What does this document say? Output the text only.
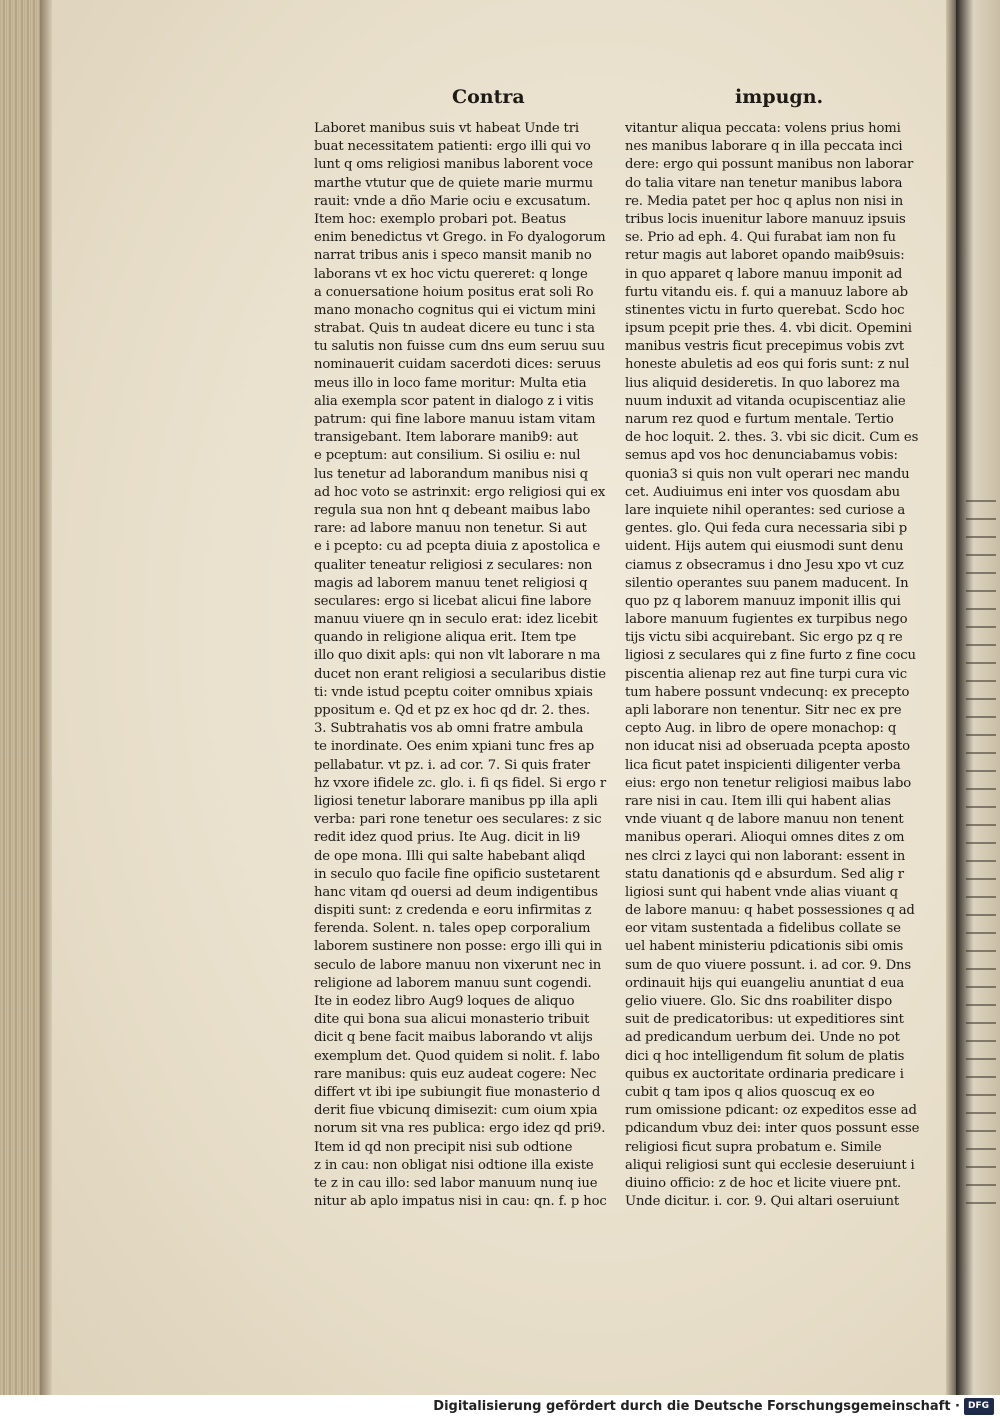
Contra	impugn.
Laboret manibus suis vt habeat Unde tri
buat necessitatem patienti: ergo illi qui vo
lunt q oms religiosi manibus laborent voce
marthe vtutur que de quiete marie murmu
rauit: vnde a dño Marie ociu e excusatum.
Item hoc: exemplo probari pot. Beatus
enim benedictus vt Grego. in Fo dyalogorum
narrat tribus anis i speco mansit manib no
laborans vt ex hoc victu quereret: q longe
a conuersatione hoium positus erat soli Ro
mano monacho cognitus qui ei victum mini
strabat. Quis tn audeat dicere eu tunc i sta
tu salutis non fuisse cum dns eum seruu suu
nominauerit cuidam sacerdoti dices: seruus
meus illo in loco fame moritur: Multa etia
alia exempla scor patent in dialogo z i vitis
patrum: qui fine labore manuu istam vitam
transigebant. Item laborare manib9: aut
e pceptum: aut consilium. Si osiliu e: nul
lus tenetur ad laborandum manibus nisi q
ad hoc voto se astrinxit: ergo religiosi qui ex
regula sua non hnt q debeant maibus labo
rare: ad labore manuu non tenetur. Si aut
e i pcepto: cu ad pcepta diuia z apostolica e
qualiter teneatur religiosi z seculares: non
magis ad laborem manuu tenet religiosi q
seculares: ergo si licebat alicui fine labore
manuu viuere qn in seculo erat: idez licebit
quando in religione aliqua erit. Item tpe
illo quo dixit apls: qui non vlt laborare n ma
ducet non erant religiosi a secularibus distie
ti: vnde istud pceptu coiter omnibus xpiais
ppositum e. Qd et pz ex hoc qd dr. 2. thes.
3. Subtrahatis vos ab omni fratre ambula
te inordinate. Oes enim xpiani tunc fres ap
pellabatur. vt pz. i. ad cor. 7. Si quis frater
hz vxore ifidele zc. glo. i. fi qs fidel. Si ergo r
ligiosi tenetur laborare manibus pp illa apli
verba: pari rone tenetur oes seculares: z sic
redit idez quod prius. Ite Aug. dicit in li9
de ope mona. Illi qui salte habebant aliqd
in seculo quo facile fine opificio sustetarent
hanc vitam qd ouersi ad deum indigentibus
dispiti sunt: z credenda e eoru infirmitas z
ferenda. Solent. n. tales opep corporalium
laborem sustinere non posse: ergo illi qui in
seculo de labore manuu non vixerunt nec in
religione ad laborem manuu sunt cogendi.
Ite in eodez libro Aug9 loques de aliquo
dite qui bona sua alicui monasterio tribuit
dicit q bene facit maibus laborando vt alijs
exemplum det. Quod quidem si nolit. f. labo
rare manibus: quis euz audeat cogere: Nec
differt vt ibi ipe subiungit fiue monasterio d
derit fiue vbicunq dimisezit: cum oium xpia
norum sit vna res publica: ergo idez qd pri9.
Item id qd non precipit nisi sub odtione
z in cau: non obligat nisi odtione illa existe
te z in cau illo: sed labor manuum nunq iue
nitur ab aplo impatus nisi in cau: qn. f. p hoc
vitantur aliqua peccata: volens prius homi
nes manibus laborare q in illa peccata inci
dere: ergo qui possunt manibus non laborar
do talia vitare nan tenetur manibus labora
re. Media patet per hoc q aplus non nisi in
tribus locis inuenitur labore manuuz ipsuis
se. Prio ad eph. 4. Qui furabat iam non fu
retur magis aut laboret opando maib9suis:
in quo apparet q labore manuu imponit ad
furtu vitandu eis. f. qui a manuuz labore ab
stinentes victu in furto querebat. Scdo hoc
ipsum pcepit prie thes. 4. vbi dicit. Opemini
manibus vestris ficut precepimus vobis zvt
honeste abuletis ad eos qui foris sunt: z nul
lius aliquid desideretis. In quo laborez ma
nuum induxit ad vitanda ocupiscentiaz alie
narum rez quod e furtum mentale. Tertio
de hoc loquit. 2. thes. 3. vbi sic dicit. Cum es
semus apd vos hoc denunciabamus vobis:
quonia3 si quis non vult operari nec mandu
cet. Audiuimus eni inter vos quosdam abu
lare inquiete nihil operantes: sed curiose a
gentes. glo. Qui feda cura necessaria sibi p
uident. Hijs autem qui eiusmodi sunt denu
ciamus z obsecramus i dno Jesu xpo vt cuz
silentio operantes suu panem maducent. In
quo pz q laborem manuuz imponit illis qui
labore manuum fugientes ex turpibus nego
tijs victu sibi acquirebant. Sic ergo pz q re
ligiosi z seculares qui z fine furto z fine cocu
piscentia alienap rez aut fine turpi cura vic
tum habere possunt vndecunq: ex precepto
apli laborare non tenentur. Sitr nec ex pre
cepto Aug. in libro de opere monachop: q
non iducat nisi ad obseruada pcepta aposto
lica ficut patet inspicienti diligenter verba
eius: ergo non tenetur religiosi maibus labo
rare nisi in cau. Item illi qui habent alias
vnde viuant q de labore manuu non tenent
manibus operari. Alioqui omnes dites z om
nes clrci z layci qui non laborant: essent in
statu danationis qd e absurdum. Sed alig r
ligiosi sunt qui habent vnde alias viuant q
de labore manuu: q habet possessiones q ad
eor vitam sustentada a fidelibus collate se
uel habent ministeriu pdicationis sibi omis
sum de quo viuere possunt. i. ad cor. 9. Dns
ordinauit hijs qui euangeliu anuntiat d eua
gelio viuere. Glo. Sic dns roabiliter dispo
suit de predicatoribus: ut expeditiores sint
ad predicandum uerbum dei. Unde no pot
dici q hoc intelligendum fit solum de platis
quibus ex auctoritate ordinaria predicare i
cubit q tam ipos q alios quoscuq ex eo
rum omissione pdicant: oz expeditos esse ad
pdicandum vbuz dei: inter quos possunt esse
religiosi ficut supra probatum e. Simile
aliqui religiosi sunt qui ecclesie deseruiunt i
diuino officio: z de hoc et licite viuere pnt.
Unde dicitur. i. cor. 9. Qui altari oseruiunt
Digitalisierung gefördert durch die Deutsche Forschungsgemeinschaft · DFG
